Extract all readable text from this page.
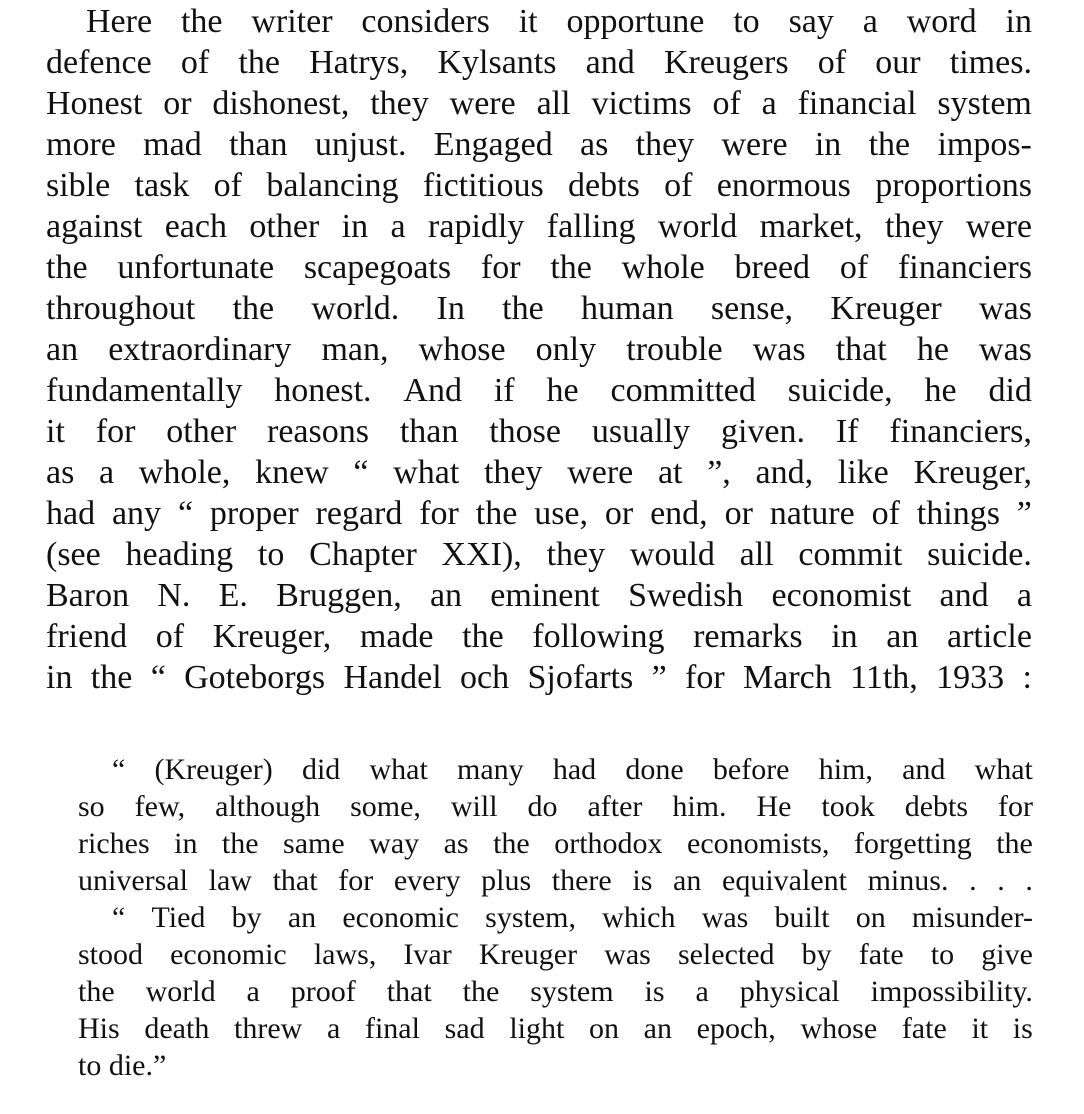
Here the writer considers it opportune to say a word in
defence of the Hatrys, Kylsants and Kreugers of our times.
Honest or dishonest, they were all victims of a financial system
more mad than unjust. Engaged as they were in the impos-
sible task of balancing fictitious debts of enormous proportions
against each other in a rapidly falling world market, they were
the unfortunate scapegoats for the whole breed of financiers
throughout the world. In the human sense, Kreuger was
an extraordinary man, whose only trouble was that he was
fundamentally honest. And if he committed suicide, he did
it for other reasons than those usually given. If financiers,
as a whole, knew “ what they were at ”, and, like Kreuger,
had any “ proper regard for the use, or end, or nature of things ”
(see heading to Chapter XXI), they would all commit suicide.
Baron N. E. Bruggen, an eminent Swedish economist and a
friend of Kreuger, made the following remarks in an article
in the “ Goteborgs Handel och Sjofarts ” for March 11th, 1933 :
“ (Kreuger) did what many had done before him, and what
so few, although some, will do after him. He took debts for
riches in the same way as the orthodox economists, forgetting the
universal law that for every plus there is an equivalent minus. . . .
“ Tied by an economic system, which was built on misunder-
stood economic laws, Ivar Kreuger was selected by fate to give
the world a proof that the system is a physical impossibility.
His death threw a final sad light on an epoch, whose fate it is
to die.”
